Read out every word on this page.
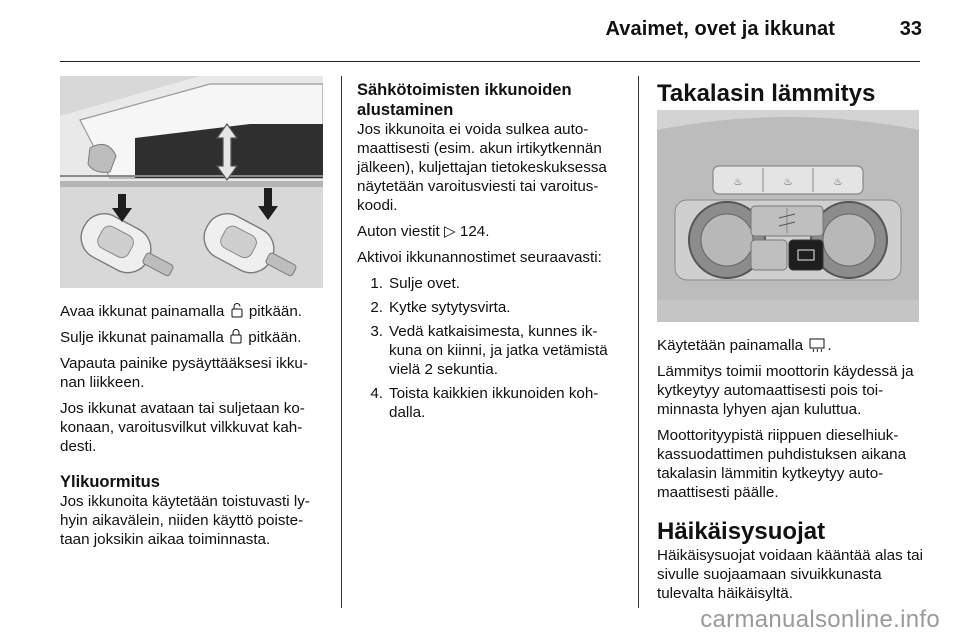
Avaimet, ovet ja ikkunat	33

Avaa ikkunat painamalla pitkään.

Sulje ikkunat painamalla pitkään.

Vapauta painike pysäyttääksesi ikku-nan liikkeen.

Jos ikkunat avataan tai suljetaan ko-konaan, varoitusvilkut vilkkuvat kah-desti.

Ylikuormitus

Jos ikkunoita käytetään toistuvasti ly-hyin aikavälein, niiden käyttö poiste-taan joksikin aikaa toiminnasta.

Sähkötoimisten ikkunoiden alustaminen

Jos ikkunoita ei voida sulkea auto-maattisesti (esim. akun irtikytkennän jälkeen), kuljettajan tietokeskuksessa näytetään varoitusviesti tai varoitus-koodi.

Auton viestit ▷ 124.

Aktivoi ikkunannostimet seuraavasti:

1. Sulje ovet.
2. Kytke sytytysvirta.
3. Vedä katkaisimesta, kunnes ik-kuna on kiinni, ja jatka vetämistä vielä 2 sekuntia.
4. Toista kaikkien ikkunoiden koh-dalla.
Takalasin lämmitys
♨	♨	♨

Käytetään painamalla .

Lämmitys toimii moottorin käydessä ja kytkeytyy automaattisesti pois toi-minnasta lyhyen ajan kuluttua.

Moottorityypistä riippuen dieselhiuk-kassuodattimen puhdistuksen aikana takalasin lämmitin kytkeytyy auto-maattisesti päälle.

Häikäisysuojat

Häikäisysuojat voidaan kääntää alas tai sivulle suojaamaan sivuikkunasta tulevalta häikäisyltä.

carmanualsonline.info
